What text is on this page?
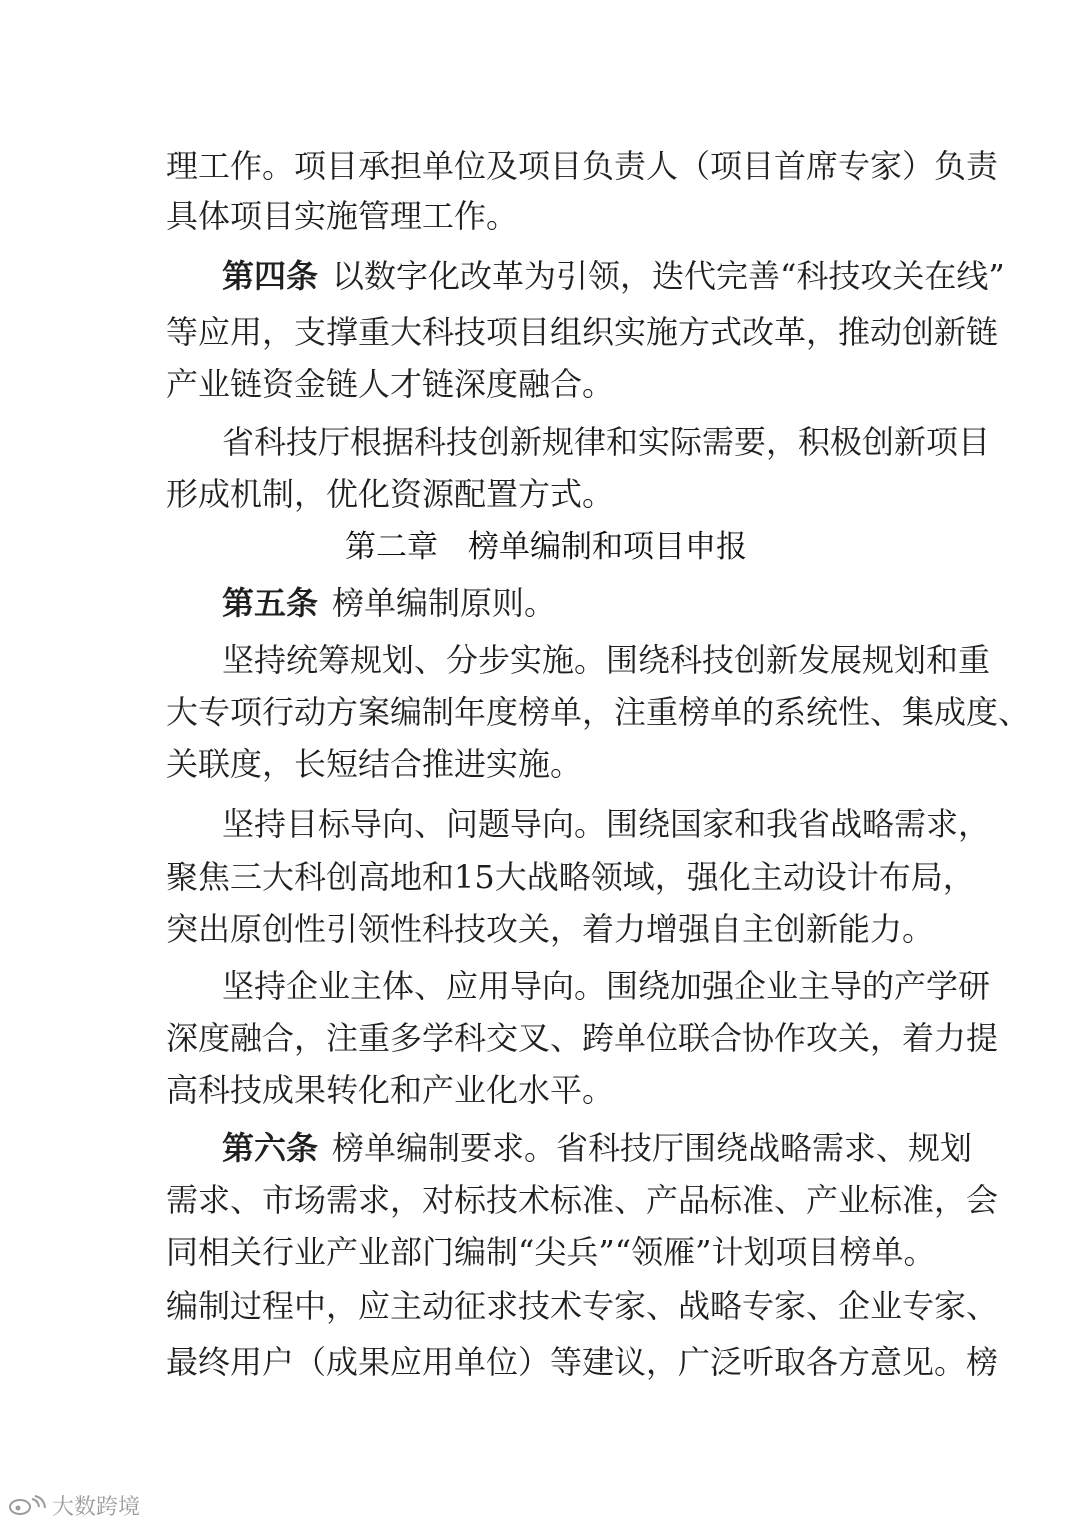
理工作。项目承担单位及项目负责人（项目首席专家）负责
具体项目实施管理工作。
第四条 以数字化改革为引领，迭代完善“科技攻关在线”
等应用，支撑重大科技项目组织实施方式改革，推动创新链
产业链资金链人才链深度融合。
省科技厅根据科技创新规律和实际需要，积极创新项目
形成机制，优化资源配置方式。
第二章 榜单编制和项目申报
第五条 榜单编制原则。
坚持统筹规划、分步实施。围绕科技创新发展规划和重
大专项行动方案编制年度榜单，注重榜单的系统性、集成度、
关联度，长短结合推进实施。
坚持目标导向、问题导向。围绕国家和我省战略需求，
聚焦三大科创高地和15大战略领域，强化主动设计布局，
突出原创性引领性科技攻关，着力增强自主创新能力。
坚持企业主体、应用导向。围绕加强企业主导的产学研
深度融合，注重多学科交叉、跨单位联合协作攻关，着力提
高科技成果转化和产业化水平。
第六条 榜单编制要求。省科技厅围绕战略需求、规划
需求、市场需求，对标技术标准、产品标准、产业标准，会
同相关行业产业部门编制“尖兵”“领雁”计划项目榜单。
编制过程中，应主动征求技术专家、战略专家、企业专家、
最终用户（成果应用单位）等建议，广泛听取各方意见。榜
大数跨境
